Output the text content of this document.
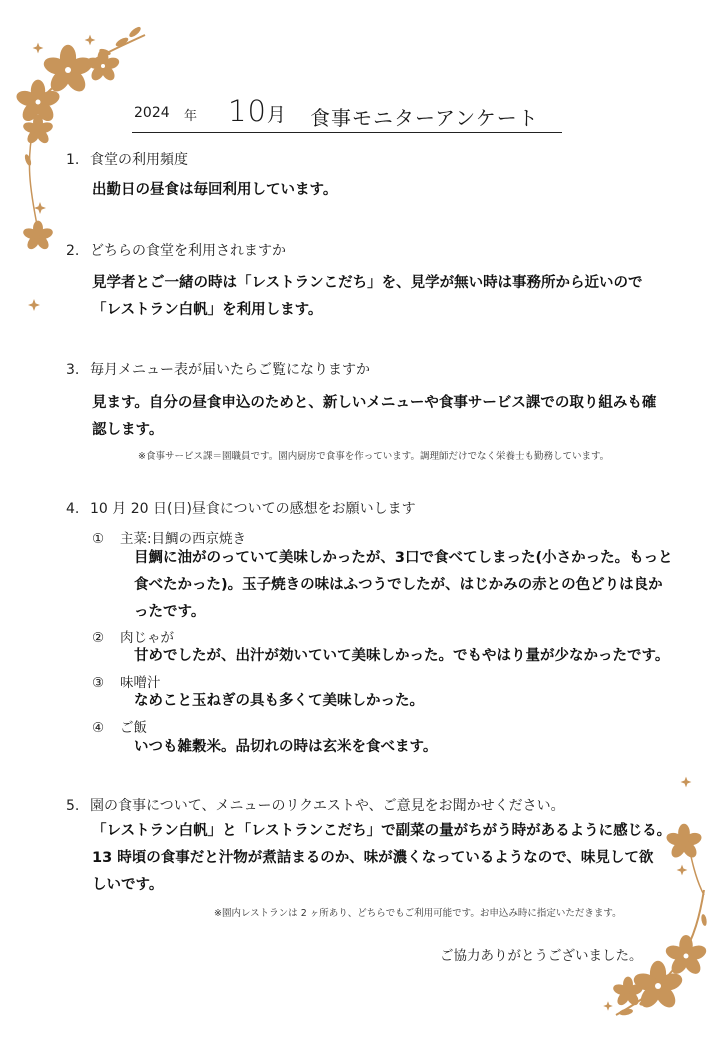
2024 年 10月 食事モニターアンケート
1. 食堂の利用頻度
出勤日の昼食は毎回利用しています。
2. どちらの食堂を利用されますか
見学者とご一緒の時は「レストランこだち」を、見学が無い時は事務所から近いので
「レストラン白帆」を利用します。
3. 毎月メニュー表が届いたらご覧になりますか
見ます。自分の昼食申込のためと、新しいメニューや食事サービス課での取り組みも確
認します。
※食事サービス課＝園職員です。園内厨房で食事を作っています。調理師だけでなく栄養士も勤務しています。
4. 10 月 20 日(日)昼食についての感想をお願いします
① 主菜:目鯛の西京焼き
目鯛に油がのっていて美味しかったが、3口で食べてしまった(小さかった。もっと
食べたかった)。玉子焼きの味はふつうでしたが、はじかみの赤との色どりは良か
ったです。
② 肉じゃが
甘めでしたが、出汁が効いていて美味しかった。でもやはり量が少なかったです。
③ 味噌汁
なめこと玉ねぎの具も多くて美味しかった。
④ ご飯
いつも雑穀米。品切れの時は玄米を食べます。
5. 園の食事について、メニューのリクエストや、ご意見をお聞かせください。
「レストラン白帆」と「レストランこだち」で副菜の量がちがう時があるように感じる。
13 時頃の食事だと汁物が煮詰まるのか、味が濃くなっているようなので、味見して欲
しいです。
※園内レストランは 2 ヶ所あり、どちらでもご利用可能です。お申込み時に指定いただきます。
ご協力ありがとうございました。
